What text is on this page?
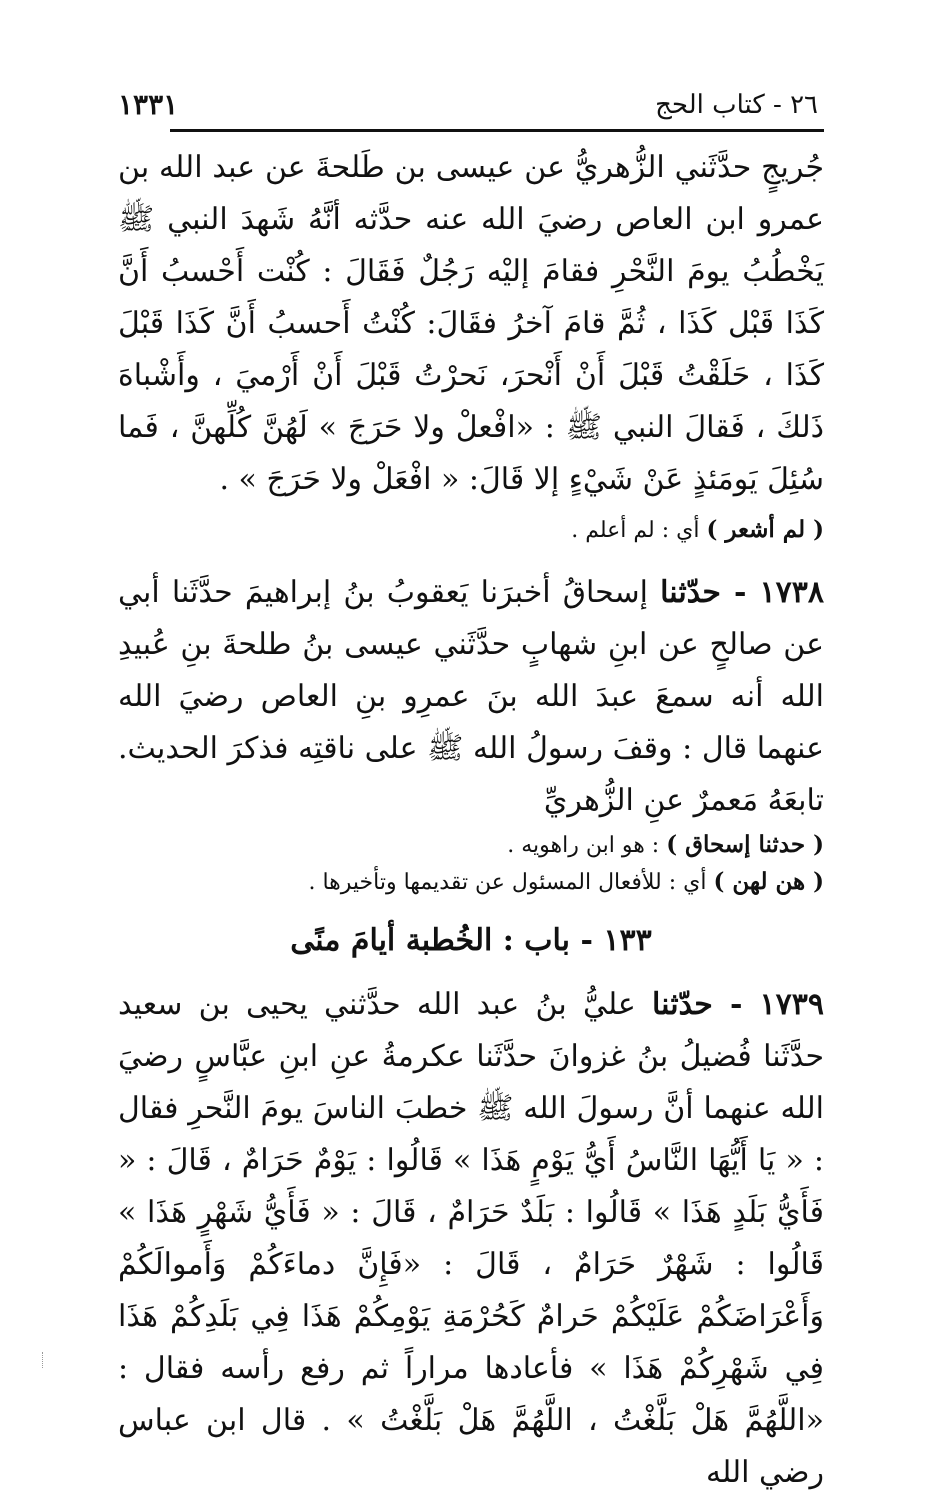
١٣٣١	٢٦ - كتاب الحج

جُريجٍ حدَّثَني الزُّهريُّ عن عيسى بن طَلحةَ عن عبد الله بن عمرو ابن العاص رضيَ الله عنه حدَّثه أنَّهُ شَهدَ النبي ﷺ يَخْطُبُ يومَ النَّحْرِ فقامَ إليْه رَجُلٌ فَقَالَ : كُنْت أَحْسبُ أَنَّ كَذَا قَبْل كَذَا ، ثُمَّ قامَ آخرُ فقَالَ: كُنْتُ أَحسبُ أَنَّ كَذَا قَبْلَ كَذَا ، حَلَقْتُ قَبْلَ أَنْ أَنْحرَ، نَحرْتُ قَبْلَ أَنْ أَرْميَ ، وأَشْباهَ ذَلكَ ، فَقالَ النبي ﷺ : «افْعلْ ولا حَرَجَ » لَهُنَّ كُلِّهنَّ ، فَما سُئِلَ يَومَئذٍ عَنْ شَيْءٍ إلا قَالَ: « افْعَلْ ولا حَرَجَ » .

( لم أشعر ) أي : لم أعلم .

١٧٣٨ - حدّثنا إسحاقُ أخبرَنا يَعقوبُ بنُ إبراهيمَ حدَّثَنا أبي عن صالحٍ عن ابنِ شهابٍ حدَّثَني عيسى بنُ طلحةَ بنِ عُبيدِ الله أنه سمعَ عبدَ الله بنَ عمرِو بنِ العاص رضيَ الله عنهما قال : وقفَ رسولُ الله ﷺ على ناقتِه فذكرَ الحديث. تابعَهُ مَعمرٌ عنِ الزُّهريِّ

( حدثنا إسحاق ) : هو ابن راهويه .

( هن لهن ) أي : للأفعال المسئول عن تقديمها وتأخيرها .

١٣٣ - باب : الخُطبة أيامَ منًى

١٧٣٩ - حدّثنا عليُّ بنُ عبد الله حدَّثني يحيى بن سعيد حدَّثَنا فُضيلُ بنُ غزوانَ حدَّثَنا عكرمةُ عنِ ابنِ عبَّاسٍ رضيَ الله عنهما أنَّ رسولَ الله ﷺ خطبَ الناسَ يومَ النَّحرِ فقال : « يَا أَيُّهَا النَّاسُ أَيُّ يَوْمٍ هَذَا » قَالُوا : يَوْمٌ حَرَامٌ ، قَالَ : « فَأَيُّ بَلَدٍ هَذَا » قَالُوا : بَلَدٌ حَرَامٌ ، قَالَ : « فَأَيُّ شَهْرٍ هَذَا » قَالُوا : شَهْرٌ حَرَامٌ ، قَالَ : «فَإِنَّ دماءَكُمْ وَأَموالَكُمْ وَأَعْرَاضَكُمْ عَلَيْكُمْ حَرامٌ كَحُرْمَةِ يَوْمِكُمْ هَذَا فِي بَلَدِكُمْ هَذَا فِي شَهْرِكُمْ هَذَا » فأعادها مراراً ثم رفع رأسه فقال : «اللَّهُمَّ هَلْ بَلَّغْتُ ، اللَّهُمَّ هَلْ بَلَّغْتُ » . قال ابن عباس رضي الله
